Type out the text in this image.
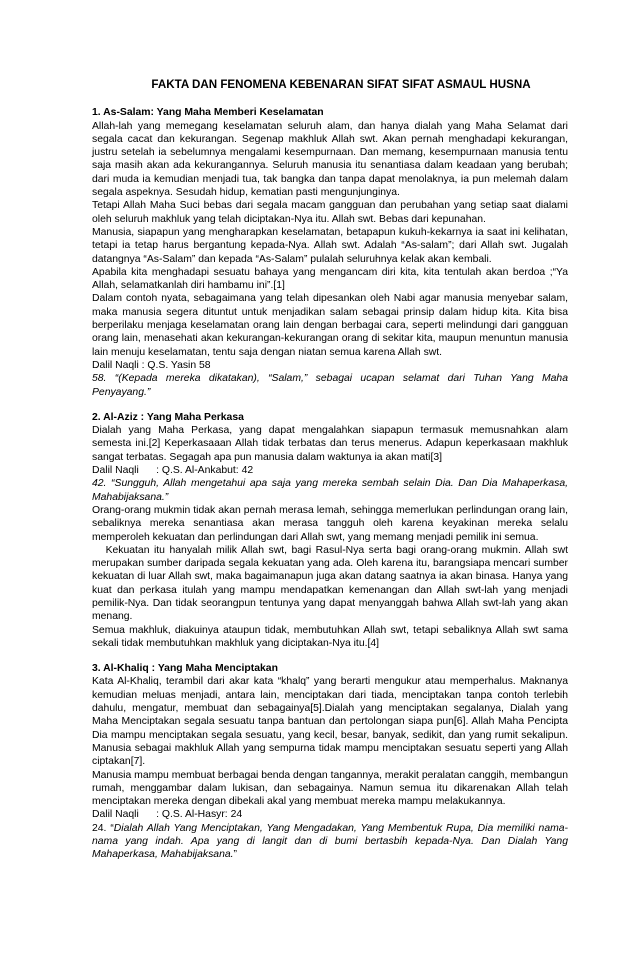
FAKTA DAN FENOMENA KEBENARAN SIFAT SIFAT ASMAUL HUSNA

1. As-Salam: Yang Maha Memberi Keselamatan

Allah-lah yang memegang keselamatan seluruh alam, dan hanya dialah yang Maha Selamat dari segala cacat dan kekurangan. Segenap makhluk Allah swt. Akan pernah menghadapi kekurangan, justru setelah ia sebelumnya mengalami kesempurnaan. Dan memang, kesempurnaan manusia tentu saja masih akan ada kekurangannya. Seluruh manusia itu senantiasa dalam keadaan yang berubah; dari muda ia kemudian menjadi tua, tak bangka dan tanpa dapat menolaknya, ia pun melemah dalam segala aspeknya. Sesudah hidup, kematian pasti mengunjunginya.

Tetapi Allah Maha Suci bebas dari segala macam gangguan dan perubahan yang setiap saat dialami oleh seluruh makhluk yang telah diciptakan-Nya itu. Allah swt. Bebas dari kepunahan.

Manusia, siapapun yang mengharapkan keselamatan, betapapun kukuh-kekarnya ia saat ini kelihatan, tetapi ia tetap harus bergantung kepada-Nya. Allah swt. Adalah “As-salam”; dari Allah swt. Jugalah datangnya “As-Salam” dan kepada “As-Salam” pulalah seluruhnya kelak akan kembali.

Apabila kita menghadapi sesuatu bahaya yang mengancam diri kita, kita tentulah akan berdoa ;“Ya Allah, selamatkanlah diri hambamu ini”.[1]

Dalam contoh nyata, sebagaimana yang telah dipesankan oleh Nabi agar manusia menyebar salam, maka manusia segera dituntut untuk menjadikan salam sebagai prinsip dalam hidup kita. Kita bisa berperilaku menjaga keselamatan orang lain dengan berbagai cara, seperti melindungi dari gangguan orang lain, menasehati akan kekurangan-kekurangan orang di sekitar kita, maupun menuntun manusia lain menuju keselamatan, tentu saja dengan niatan semua karena Allah swt.

Dalil Naqli : Q.S. Yasin 58

58. “(Kepada mereka dikatakan), “Salam,” sebagai ucapan selamat dari Tuhan Yang Maha Penyayang.”

2. Al-Aziz : Yang Maha Perkasa

Dialah yang Maha Perkasa, yang dapat mengalahkan siapapun termasuk memusnahkan alam semesta ini.[2] Keperkasaaan Allah tidak terbatas dan terus menerus. Adapun keperkasaan makhluk sangat terbatas. Segagah apa pun manusia dalam waktunya ia akan mati[3]

Dalil Naqli      : Q.S. Al-Ankabut: 42

42. “Sungguh, Allah mengetahui apa saja yang mereka sembah selain Dia. Dan Dia Mahaperkasa, Mahabijaksana.”

Orang-orang mukmin tidak akan pernah merasa lemah, sehingga memerlukan perlindungan orang lain, sebaliknya mereka senantiasa akan merasa tangguh oleh karena keyakinan mereka selalu memperoleh kekuatan dan perlindungan dari Allah swt, yang memang menjadi pemilik ini semua.

Kekuatan itu hanyalah milik Allah swt, bagi Rasul-Nya serta bagi orang-orang mukmin. Allah swt merupakan sumber daripada segala kekuatan yang ada. Oleh karena itu, barangsiapa mencari sumber kekuatan di luar Allah swt, maka bagaimanapun juga akan datang saatnya ia akan binasa. Hanya yang kuat dan perkasa itulah yang mampu mendapatkan kemenangan dan Allah swt-lah yang menjadi pemilik-Nya. Dan tidak seorangpun tentunya yang dapat menyanggah bahwa Allah swt-lah yang akan menang.

Semua makhluk, diakuinya ataupun tidak, membutuhkan Allah swt, tetapi sebaliknya Allah swt sama sekali tidak membutuhkan makhluk yang diciptakan-Nya itu.[4]

3. Al-Khaliq : Yang Maha Menciptakan

Kata Al-Khaliq, terambil dari akar kata “khalq” yang berarti mengukur atau memperhalus. Maknanya kemudian meluas menjadi, antara lain, menciptakan dari tiada, menciptakan tanpa contoh terlebih dahulu, mengatur, membuat dan sebagainya[5].Dialah yang menciptakan segalanya, Dialah yang Maha Menciptakan segala sesuatu tanpa bantuan dan pertolongan siapa pun[6]. Allah Maha Pencipta Dia mampu menciptakan segala sesuatu, yang kecil, besar, banyak, sedikit, dan yang rumit sekalipun. Manusia sebagai makhluk Allah yang sempurna tidak mampu menciptakan sesuatu seperti yang Allah ciptakan[7].

Manusia mampu membuat berbagai benda dengan tangannya, merakit peralatan canggih, membangun rumah, menggambar dalam lukisan, dan sebagainya. Namun semua itu dikarenakan Allah telah menciptakan mereka dengan dibekali akal yang membuat mereka mampu melakukannya.

Dalil Naqli      : Q.S. Al-Hasyr: 24

24. “Dialah Allah Yang Menciptakan, Yang Mengadakan, Yang Membentuk Rupa, Dia memiliki nama-nama yang indah. Apa yang di langit dan di bumi bertasbih kepada-Nya. Dan Dialah Yang Mahaperkasa, Mahabijaksana.”
